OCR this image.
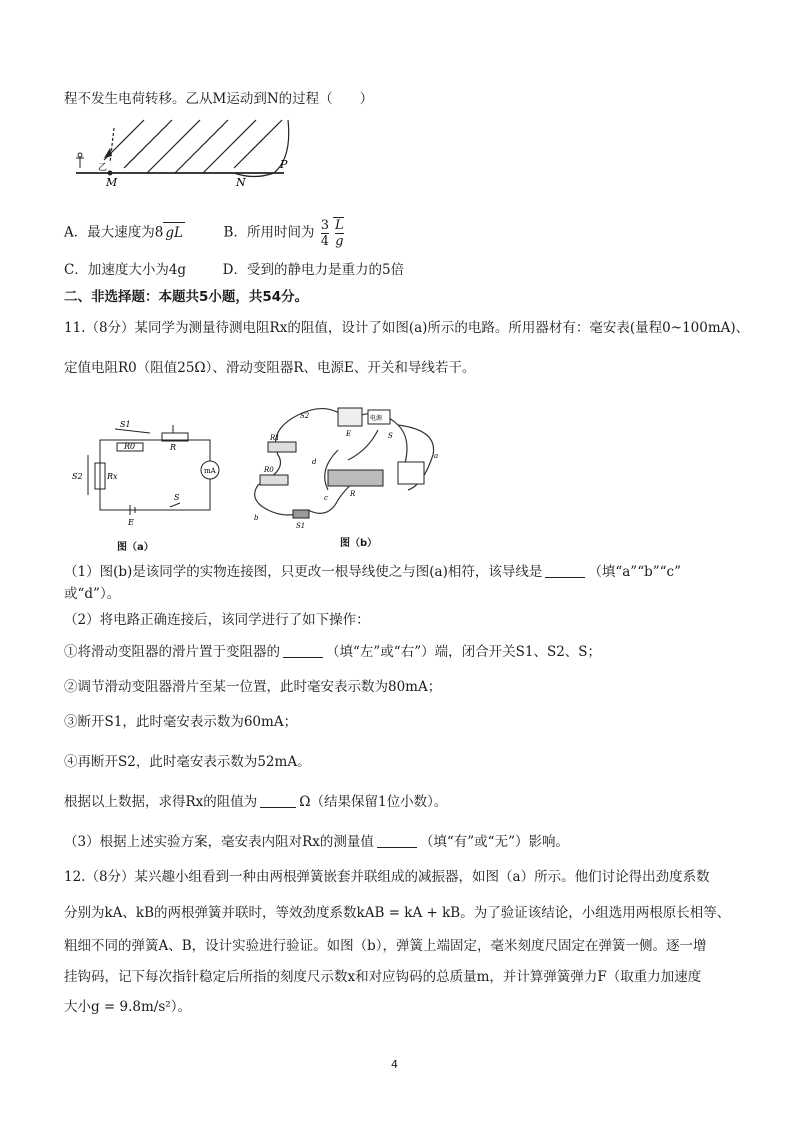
程不发生电荷转移。乙从M运动到N的过程（　　）
M	N
P
乙
A．最大速度为8 gL	B．所用时间为 $\frac{3}{4} \frac{L}{g}$
C．加速度大小为4g	D．受到的静电力是重力的5倍
二、非选择题：本题共5小题，共54分。
11.（8分）某同学为测量待测电阻Rx的阻值，设计了如图(a)所示的电路。所用器材有：毫安表(量程0~100mA)、
定值电阻R0（阻值25Ω）、滑动变阻器R、电源E、开关和导线若干。
S1
R0	R
S2	Rx
mA
S
E
图（a）
S2
R1	E
电源
S
a
d
R0
R
c
b
S1
图（b）
（1）图(b)是该同学的实物连接图，只更改一根导线使之与图(a)相符，该导线是	（填“a”“b”“c”
或“d”）。
（2）将电路正确连接后，该同学进行了如下操作：
①将滑动变阻器的滑片置于变阻器的	（填“左”或“右”）端，闭合开关S1、S2、S；
②调节滑动变阻器滑片至某一位置，此时毫安表示数为80mA；
③断开S1，此时毫安表示数为60mA；
④再断开S2，此时毫安表示数为52mA。
根据以上数据，求得Rx的阻值为	Ω（结果保留1位小数）。
（3）根据上述实验方案，毫安表内阻对Rx的测量值	（填“有”或“无”）影响。
12.（8分）某兴趣小组看到一种由两根弹簧嵌套并联组成的减振器，如图（a）所示。他们讨论得出劲度系数
分别为kA、kB的两根弹簧并联时，等效劲度系数kAB = kA + kB。为了验证该结论，小组选用两根原长相等、
粗细不同的弹簧A、B，设计实验进行验证。如图（b），弹簧上端固定，毫米刻度尺固定在弹簧一侧。逐一增
挂钩码，记下每次指针稳定后所指的刻度尺示数x和对应钩码的总质量m，并计算弹簧弹力F（取重力加速度
大小g = 9.8m/s²）。
4
